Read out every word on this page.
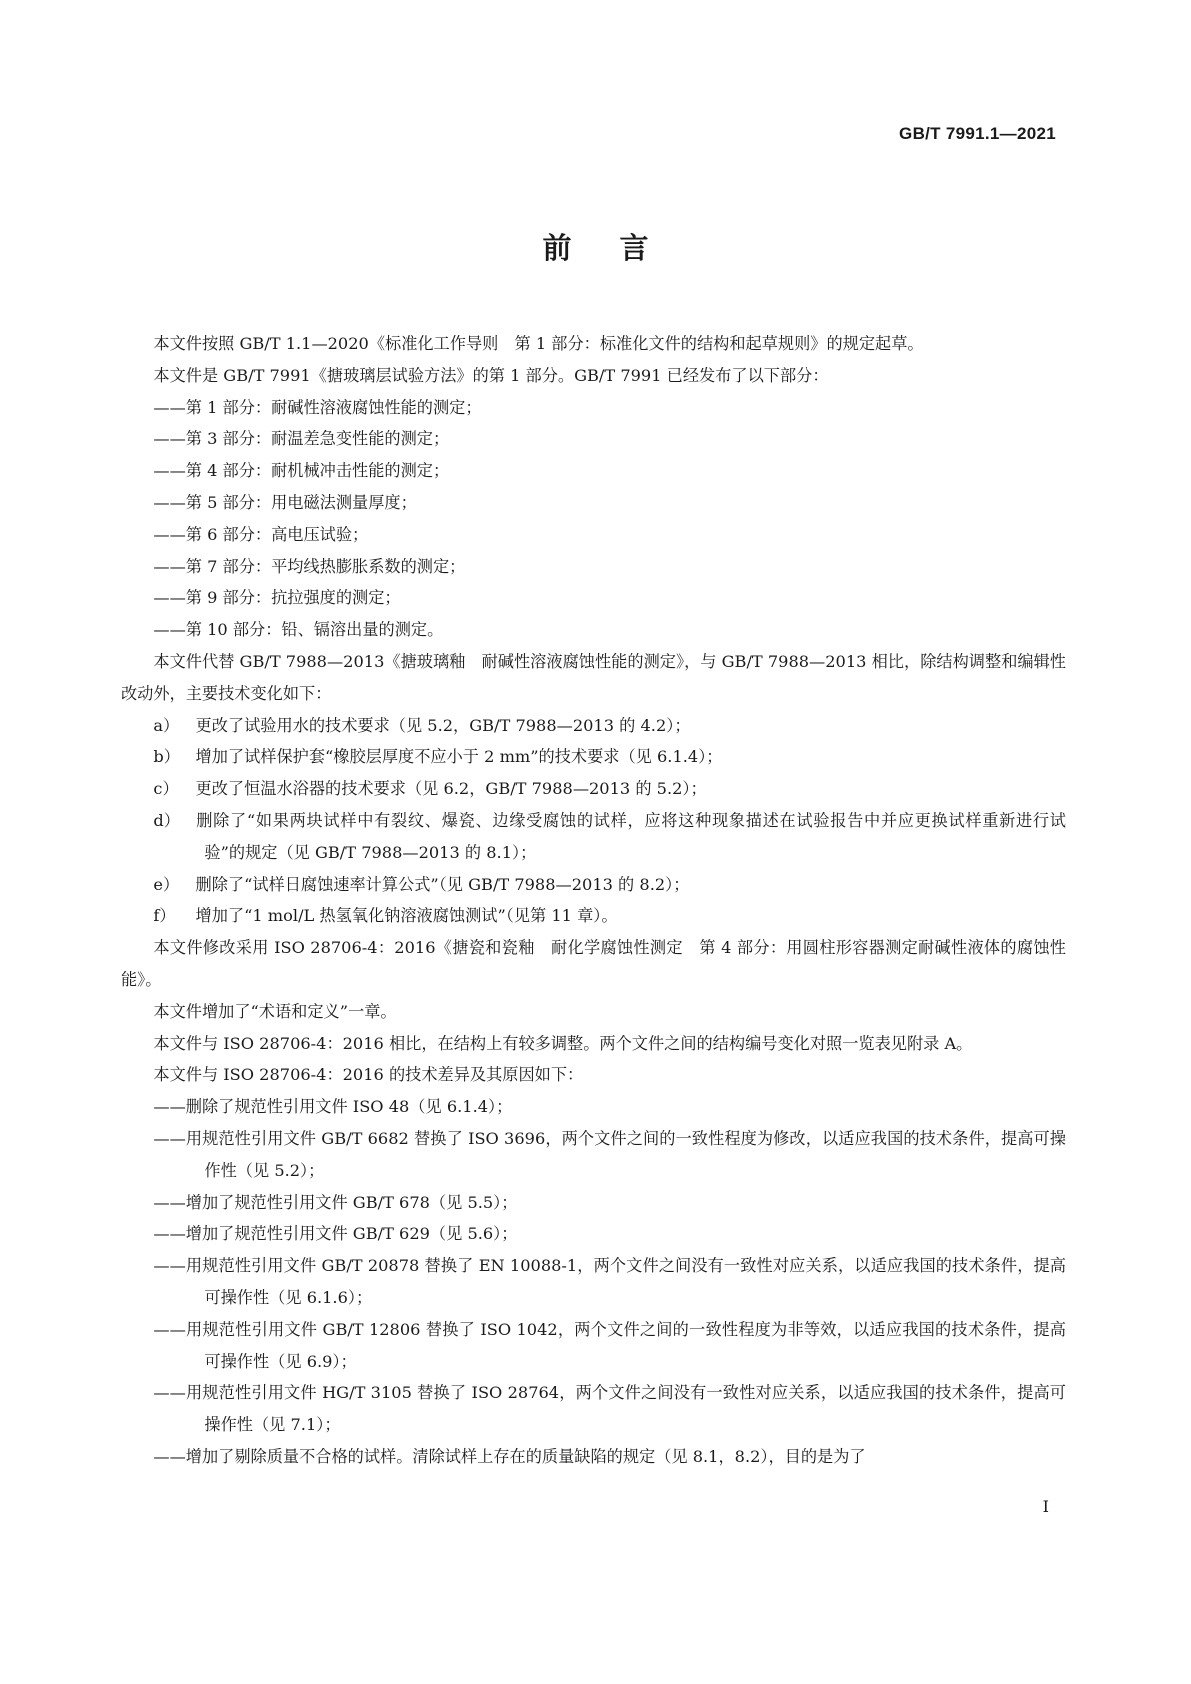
GB/T 7991.1—2021
前言

本文件按照 GB/T 1.1—2020《标准化工作导则　第 1 部分：标准化文件的结构和起草规则》的规定起草。

本文件是 GB/T 7991《搪玻璃层试验方法》的第 1 部分。GB/T 7991 已经发布了以下部分：

——第 1 部分：耐碱性溶液腐蚀性能的测定；

——第 3 部分：耐温差急变性能的测定；

——第 4 部分：耐机械冲击性能的测定；

——第 5 部分：用电磁法测量厚度；

——第 6 部分：高电压试验；

——第 7 部分：平均线热膨胀系数的测定；

——第 9 部分：抗拉强度的测定；

——第 10 部分：铅、镉溶出量的测定。

本文件代替 GB/T 7988—2013《搪玻璃釉　耐碱性溶液腐蚀性能的测定》，与 GB/T 7988—2013 相比，除结构调整和编辑性改动外，主要技术变化如下：

a） 更改了试验用水的技术要求（见 5.2，GB/T 7988—2013 的 4.2）；

b） 增加了试样保护套“橡胶层厚度不应小于 2 mm”的技术要求（见 6.1.4）；

c） 更改了恒温水浴器的技术要求（见 6.2，GB/T 7988—2013 的 5.2）；

d） 删除了“如果两块试样中有裂纹、爆瓷、边缘受腐蚀的试样，应将这种现象描述在试验报告中并应更换试样重新进行试验”的规定（见 GB/T 7988—2013 的 8.1）；

e） 删除了“试样日腐蚀速率计算公式”（见 GB/T 7988—2013 的 8.2）；

f） 增加了“1 mol/L 热氢氧化钠溶液腐蚀测试”（见第 11 章）。

本文件修改采用 ISO 28706-4：2016《搪瓷和瓷釉　耐化学腐蚀性测定　第 4 部分：用圆柱形容器测定耐碱性液体的腐蚀性能》。

本文件增加了“术语和定义”一章。

本文件与 ISO 28706-4：2016 相比，在结构上有较多调整。两个文件之间的结构编号变化对照一览表见附录 A。

本文件与 ISO 28706-4：2016 的技术差异及其原因如下：

——删除了规范性引用文件 ISO 48（见 6.1.4）；

——用规范性引用文件 GB/T 6682 替换了 ISO 3696，两个文件之间的一致性程度为修改，以适应我国的技术条件，提高可操作性（见 5.2）；

——增加了规范性引用文件 GB/T 678（见 5.5）；

——增加了规范性引用文件 GB/T 629（见 5.6）；

——用规范性引用文件 GB/T 20878 替换了 EN 10088-1，两个文件之间没有一致性对应关系，以适应我国的技术条件，提高可操作性（见 6.1.6）；

——用规范性引用文件 GB/T 12806 替换了 ISO 1042，两个文件之间的一致性程度为非等效，以适应我国的技术条件，提高可操作性（见 6.9）；

——用规范性引用文件 HG/T 3105 替换了 ISO 28764，两个文件之间没有一致性对应关系，以适应我国的技术条件，提高可操作性（见 7.1）；

——增加了剔除质量不合格的试样。清除试样上存在的质量缺陷的规定（见 8.1，8.2），目的是为了

I
